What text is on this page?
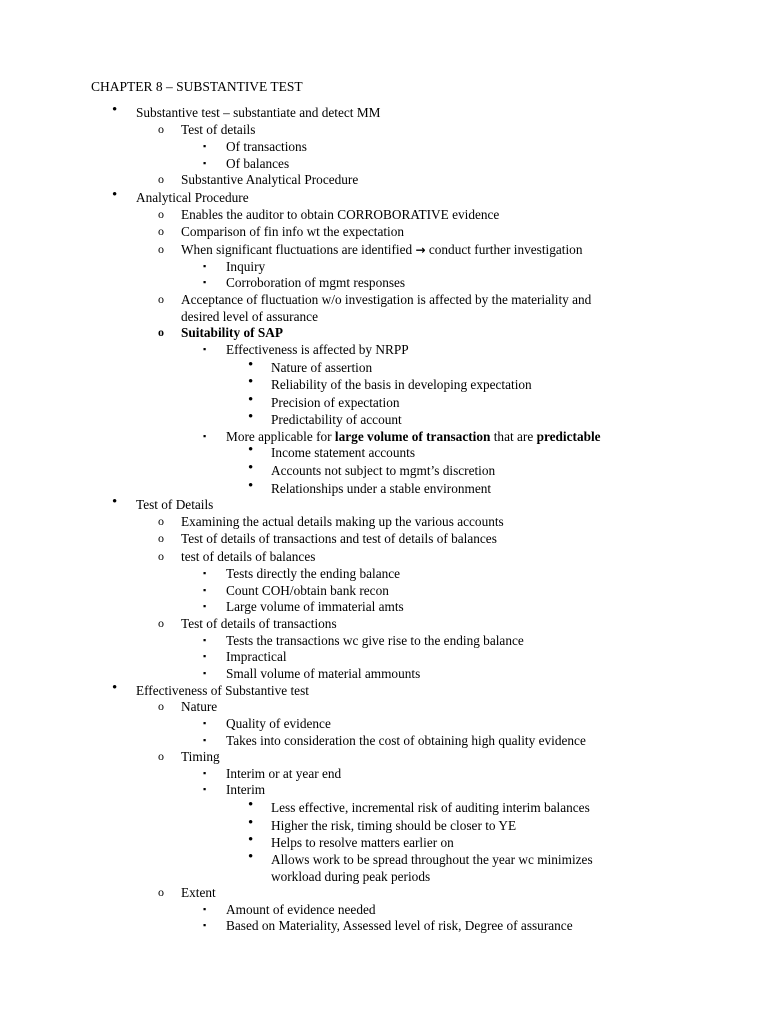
CHAPTER 8 – SUBSTANTIVE TEST
• Substantive test – substantiate and detect MM
o Test of details
▪ Of transactions
▪ Of balances
o Substantive Analytical Procedure
• Analytical Procedure
o Enables the auditor to obtain CORROBORATIVE evidence
o Comparison of fin info wt the expectation
o When significant fluctuations are identified → conduct further investigation
▪ Inquiry
▪ Corroboration of mgmt responses
o Acceptance of fluctuation w/o investigation is affected by the materiality and
desired level of assurance
o Suitability of SAP
▪ Effectiveness is affected by NRPP
• Nature of assertion
• Reliability of the basis in developing expectation
• Precision of expectation
• Predictability of account
▪ More applicable for large volume of transaction that are predictable
• Income statement accounts
• Accounts not subject to mgmt’s discretion
• Relationships under a stable environment
• Test of Details
o Examining the actual details making up the various accounts
o Test of details of transactions and test of details of balances
o test of details of balances
▪ Tests directly the ending balance
▪ Count COH/obtain bank recon
▪ Large volume of immaterial amts
o Test of details of transactions
▪ Tests the transactions wc give rise to the ending balance
▪ Impractical
▪ Small volume of material ammounts
• Effectiveness of Substantive test
o Nature
▪ Quality of evidence
▪ Takes into consideration the cost of obtaining high quality evidence
o Timing
▪ Interim or at year end
▪ Interim
• Less effective, incremental risk of auditing interim balances
• Higher the risk, timing should be closer to YE
• Helps to resolve matters earlier on
• Allows work to be spread throughout the year wc minimizes
workload during peak periods
o Extent
▪ Amount of evidence needed
▪ Based on Materiality, Assessed level of risk, Degree of assurance
